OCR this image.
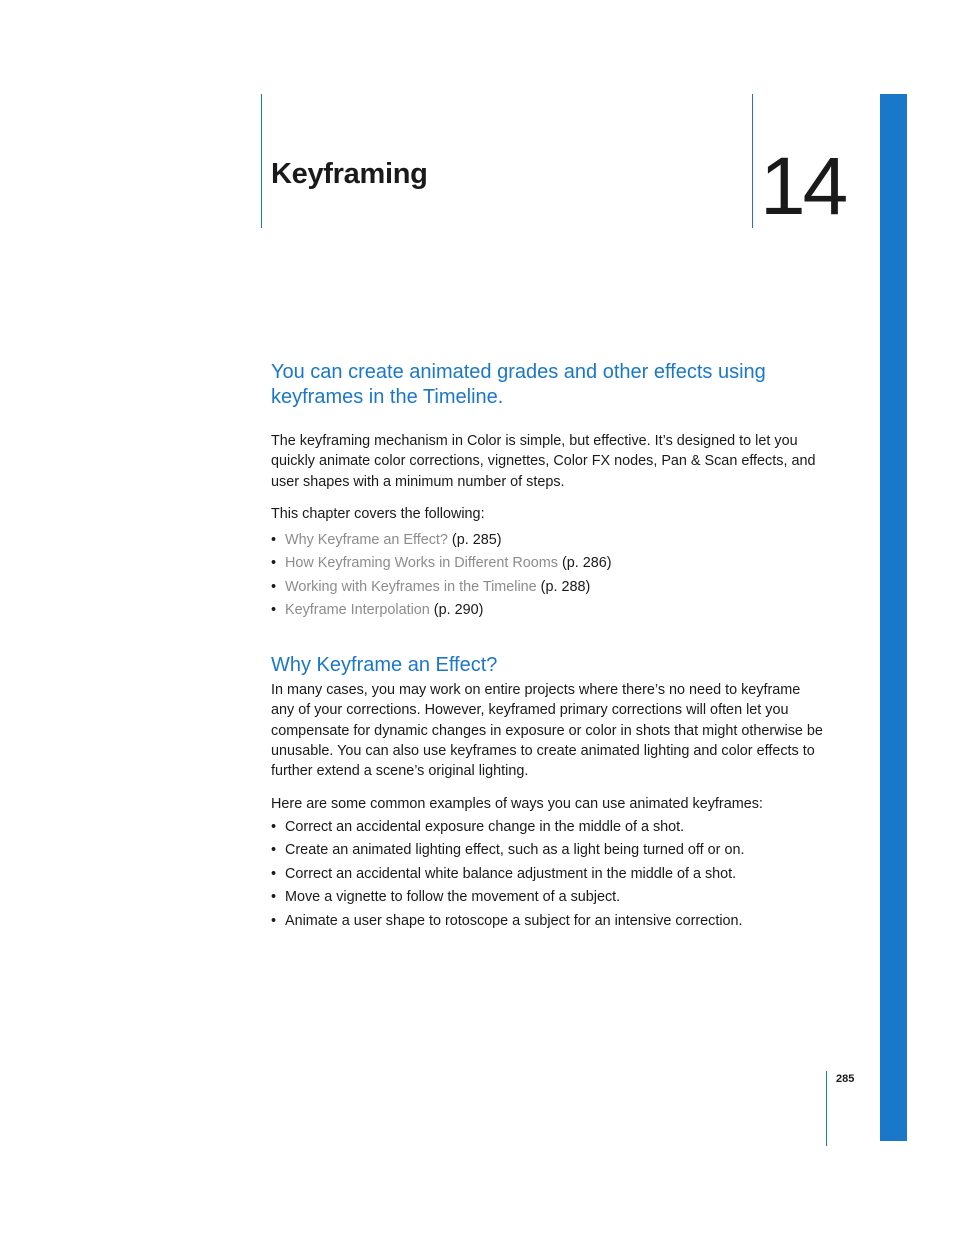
Keyframing	14
You can create animated grades and other effects using keyframes in the Timeline.
The keyframing mechanism in Color is simple, but effective. It’s designed to let you quickly animate color corrections, vignettes, Color FX nodes, Pan & Scan effects, and user shapes with a minimum number of steps.
This chapter covers the following:
• Why Keyframe an Effect? (p. 285)
• How Keyframing Works in Different Rooms (p. 286)
• Working with Keyframes in the Timeline (p. 288)
• Keyframe Interpolation (p. 290)
Why Keyframe an Effect?
In many cases, you may work on entire projects where there’s no need to keyframe any of your corrections. However, keyframed primary corrections will often let you compensate for dynamic changes in exposure or color in shots that might otherwise be unusable. You can also use keyframes to create animated lighting and color effects to further extend a scene’s original lighting.
Here are some common examples of ways you can use animated keyframes:
• Correct an accidental exposure change in the middle of a shot.
• Create an animated lighting effect, such as a light being turned off or on.
• Correct an accidental white balance adjustment in the middle of a shot.
• Move a vignette to follow the movement of a subject.
• Animate a user shape to rotoscope a subject for an intensive correction.
285
